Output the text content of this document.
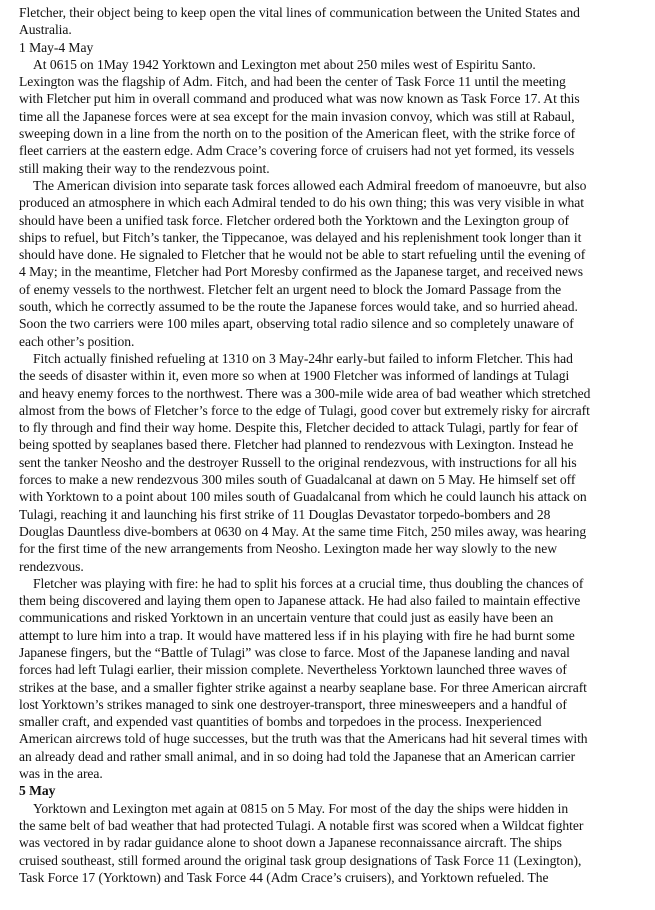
Fletcher, their object being to keep open the vital lines of communication between the United States and
Australia.
1 May-4 May
At 0615 on 1May 1942 Yorktown and Lexington met about 250 miles west of Espiritu Santo.
Lexington was the flagship of Adm. Fitch, and had been the center of Task Force 11 until the meeting
with Fletcher put him in overall command and produced what was now known as Task Force 17. At this
time all the Japanese forces were at sea except for the main invasion convoy, which was still at Rabaul,
sweeping down in a line from the north on to the position of the American fleet, with the strike force of
fleet carriers at the eastern edge. Adm Crace’s covering force of cruisers had not yet formed, its vessels
still making their way to the rendezvous point.
The American division into separate task forces allowed each Admiral freedom of manoeuvre, but also
produced an atmosphere in which each Admiral tended to do his own thing; this was very visible in what
should have been a unified task force. Fletcher ordered both the Yorktown and the Lexington group of
ships to refuel, but Fitch’s tanker, the Tippecanoe, was delayed and his replenishment took longer than it
should have done. He signaled to Fletcher that he would not be able to start refueling until the evening of
4 May; in the meantime, Fletcher had Port Moresby confirmed as the Japanese target, and received news
of enemy vessels to the northwest. Fletcher felt an urgent need to block the Jomard Passage from the
south, which he correctly assumed to be the route the Japanese forces would take, and so hurried ahead.
Soon the two carriers were 100 miles apart, observing total radio silence and so completely unaware of
each other’s position.
Fitch actually finished refueling at 1310 on 3 May-24hr early-but failed to inform Fletcher. This had
the seeds of disaster within it, even more so when at 1900 Fletcher was informed of landings at Tulagi
and heavy enemy forces to the northwest. There was a 300-mile wide area of bad weather which stretched
almost from the bows of Fletcher’s force to the edge of Tulagi, good cover but extremely risky for aircraft
to fly through and find their way home. Despite this, Fletcher decided to attack Tulagi, partly for fear of
being spotted by seaplanes based there. Fletcher had planned to rendezvous with Lexington. Instead he
sent the tanker Neosho and the destroyer Russell to the original rendezvous, with instructions for all his
forces to make a new rendezvous 300 miles south of Guadalcanal at dawn on 5 May. He himself set off
with Yorktown to a point about 100 miles south of Guadalcanal from which he could launch his attack on
Tulagi, reaching it and launching his first strike of 11 Douglas Devastator torpedo-bombers and 28
Douglas Dauntless dive-bombers at 0630 on 4 May. At the same time Fitch, 250 miles away, was hearing
for the first time of the new arrangements from Neosho. Lexington made her way slowly to the new
rendezvous.
Fletcher was playing with fire: he had to split his forces at a crucial time, thus doubling the chances of
them being discovered and laying them open to Japanese attack. He had also failed to maintain effective
communications and risked Yorktown in an uncertain venture that could just as easily have been an
attempt to lure him into a trap. It would have mattered less if in his playing with fire he had burnt some
Japanese fingers, but the “Battle of Tulagi” was close to farce. Most of the Japanese landing and naval
forces had left Tulagi earlier, their mission complete. Nevertheless Yorktown launched three waves of
strikes at the base, and a smaller fighter strike against a nearby seaplane base. For three American aircraft
lost Yorktown’s strikes managed to sink one destroyer-transport, three minesweepers and a handful of
smaller craft, and expended vast quantities of bombs and torpedoes in the process. Inexperienced
American aircrews told of huge successes, but the truth was that the Americans had hit several times with
an already dead and rather small animal, and in so doing had told the Japanese that an American carrier
was in the area.
5 May
Yorktown and Lexington met again at 0815 on 5 May. For most of the day the ships were hidden in
the same belt of bad weather that had protected Tulagi. A notable first was scored when a Wildcat fighter
was vectored in by radar guidance alone to shoot down a Japanese reconnaissance aircraft. The ships
cruised southeast, still formed around the original task group designations of Task Force 11 (Lexington),
Task Force 17 (Yorktown) and Task Force 44 (Adm Crace’s cruisers), and Yorktown refueled. The
